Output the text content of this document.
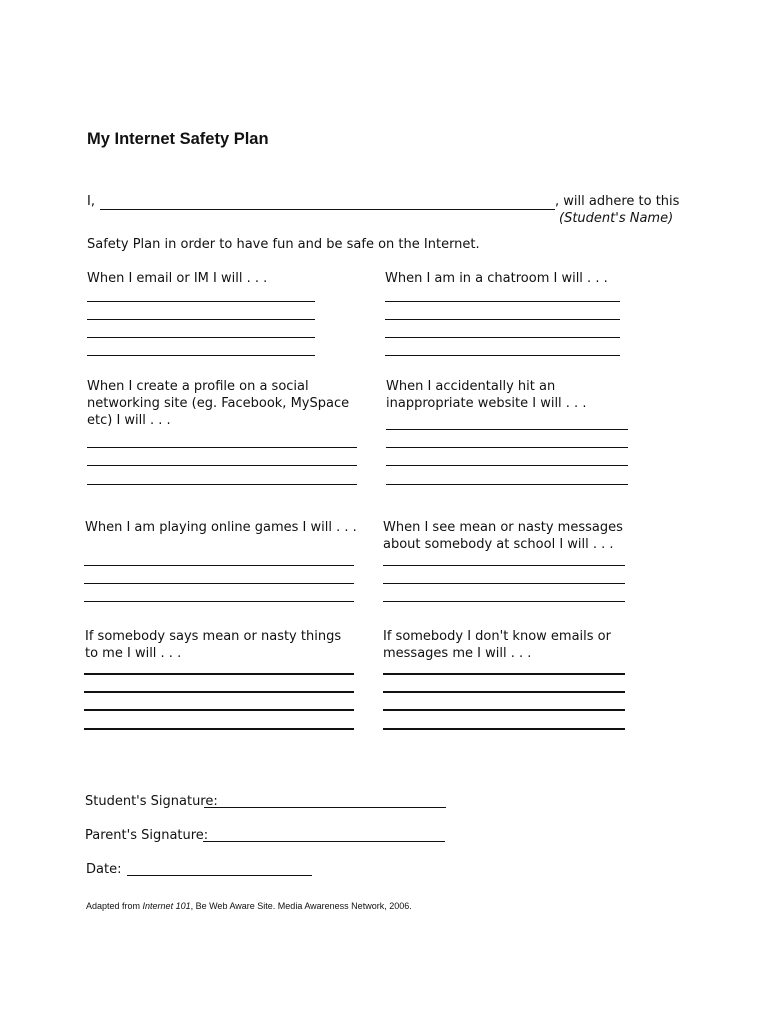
My Internet Safety Plan
I,	, will adhere to this
(Student's Name)
Safety Plan in order to have fun and be safe on the Internet.
When I email or IM I will . . .	When I am in a chatroom I will . . .
When I create a profile on a social networking site (eg. Facebook, MySpace etc) I will . . .
When I accidentally hit an inappropriate website I will . . .
When I am playing online games I will . . . When I see mean or nasty messages about somebody at school I will . . .
If somebody says mean or nasty things to me I will . . .
If somebody I don't know emails or messages me I will . . .
Student's Signature:
Parent's Signature:
Date:
Adapted from Internet 101, Be Web Aware Site. Media Awareness Network, 2006.
